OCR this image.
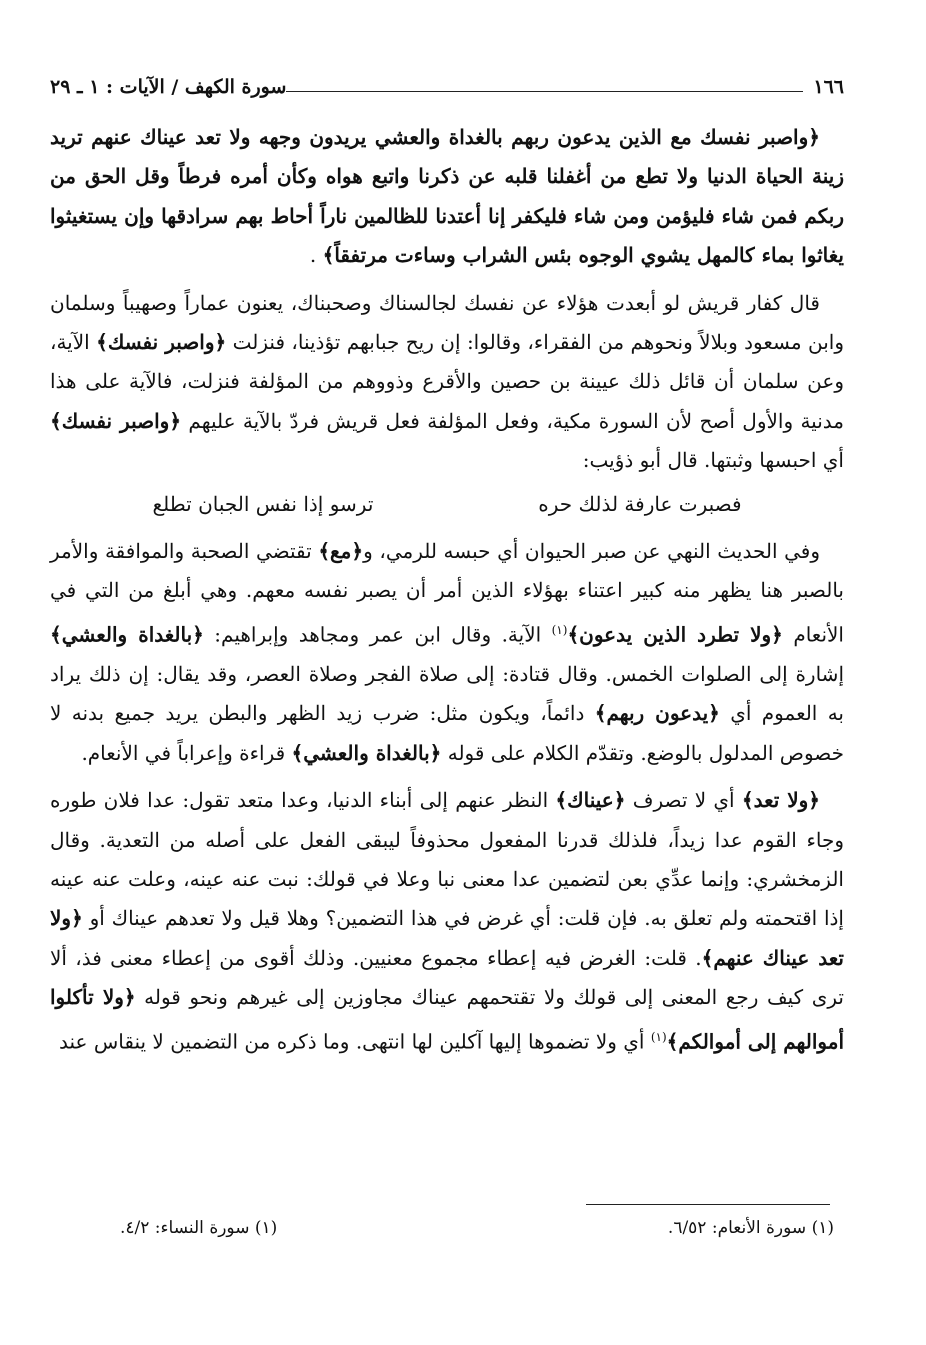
١٦٦
سورة الكهف / الآيات : ١ ـ ٢٩

﴿واصبر نفسك مع الذين يدعون ربهم بالغداة والعشي يريدون وجهه ولا تعد عيناك عنهم تريد زينة الحياة الدنيا ولا تطع من أغفلنا قلبه عن ذكرنا واتبع هواه وكأن أمره فرطاً وقل الحق من ربكم فمن شاء فليؤمن ومن شاء فليكفر إنا أعتدنا للظالمين ناراً أحاط بهم سرادقها وإن يستغيثوا يغاثوا بماء كالمهل يشوي الوجوه بئس الشراب وساءت مرتفقاً﴾ .

قال كفار قريش لو أبعدت هؤلاء عن نفسك لجالسناك وصحبناك، يعنون عماراً وصهيباً وسلمان وابن مسعود وبلالاً ونحوهم من الفقراء، وقالوا: إن ريح جبابهم تؤذينا، فنزلت ﴿واصبر نفسك﴾ الآية، وعن سلمان أن قائل ذلك عيينة بن حصين والأقرع وذووهم من المؤلفة فنزلت، فالآية على هذا مدنية والأول أصح لأن السورة مكية، وفعل المؤلفة فعل قريش فردّ بالآية عليهم ﴿واصبر نفسك﴾ أي احبسها وثبتها. قال أبو ذؤيب:

فصبرت عارفة لذلك حره
ترسو إذا نفس الجبان تطلع

وفي الحديث النهي عن صبر الحيوان أي حبسه للرمي، و﴿مع﴾ تقتضي الصحبة والموافقة والأمر بالصبر هنا يظهر منه كبير اعتناء بهؤلاء الذين أمر أن يصبر نفسه معهم. وهي أبلغ من التي في الأنعام ﴿ولا تطرد الذين يدعون﴾$^{(١)}$ الآية. وقال ابن عمر ومجاهد وإبراهيم: ﴿بالغداة والعشي﴾ إشارة إلى الصلوات الخمس. وقال قتادة: إلى صلاة الفجر وصلاة العصر، وقد يقال: إن ذلك يراد به العموم أي ﴿يدعون ربهم﴾ دائماً، ويكون مثل: ضرب زيد الظهر والبطن يريد جميع بدنه لا خصوص المدلول بالوضع. وتقدّم الكلام على قوله ﴿بالغداة والعشي﴾ قراءة وإعراباً في الأنعام.

﴿ولا تعد﴾ أي لا تصرف ﴿عيناك﴾ النظر عنهم إلى أبناء الدنيا، وعدا متعد تقول: عدا فلان طوره وجاء القوم عدا زيداً، فلذلك قدرنا المفعول محذوفاً ليبقى الفعل على أصله من التعدية. وقال الزمخشري: وإنما عدِّي بعن لتضمين عدا معنى نبا وعلا في قولك: نبت عنه عينه، وعلت عنه عينه إذا اقتحمته ولم تعلق به. فإن قلت: أي غرض في هذا التضمين؟ وهلا قيل ولا تعدهم عيناك أو ﴿ولا تعد عيناك عنهم﴾. قلت: الغرض فيه إعطاء مجموع معنيين. وذلك أقوى من إعطاء معنى فذ، ألا ترى كيف رجع المعنى إلى قولك ولا تقتحمهم عيناك مجاوزين إلى غيرهم ونحو قوله ﴿ولا تأكلوا أموالهم إلى أموالكم﴾$^{(١)}$ أي ولا تضموها إليها آكلين لها انتهى. وما ذكره من التضمين لا ينقاس عند

(١) سورة الأنعام: ٦/٥٢.
(١) سورة النساء: ٤/٢.
